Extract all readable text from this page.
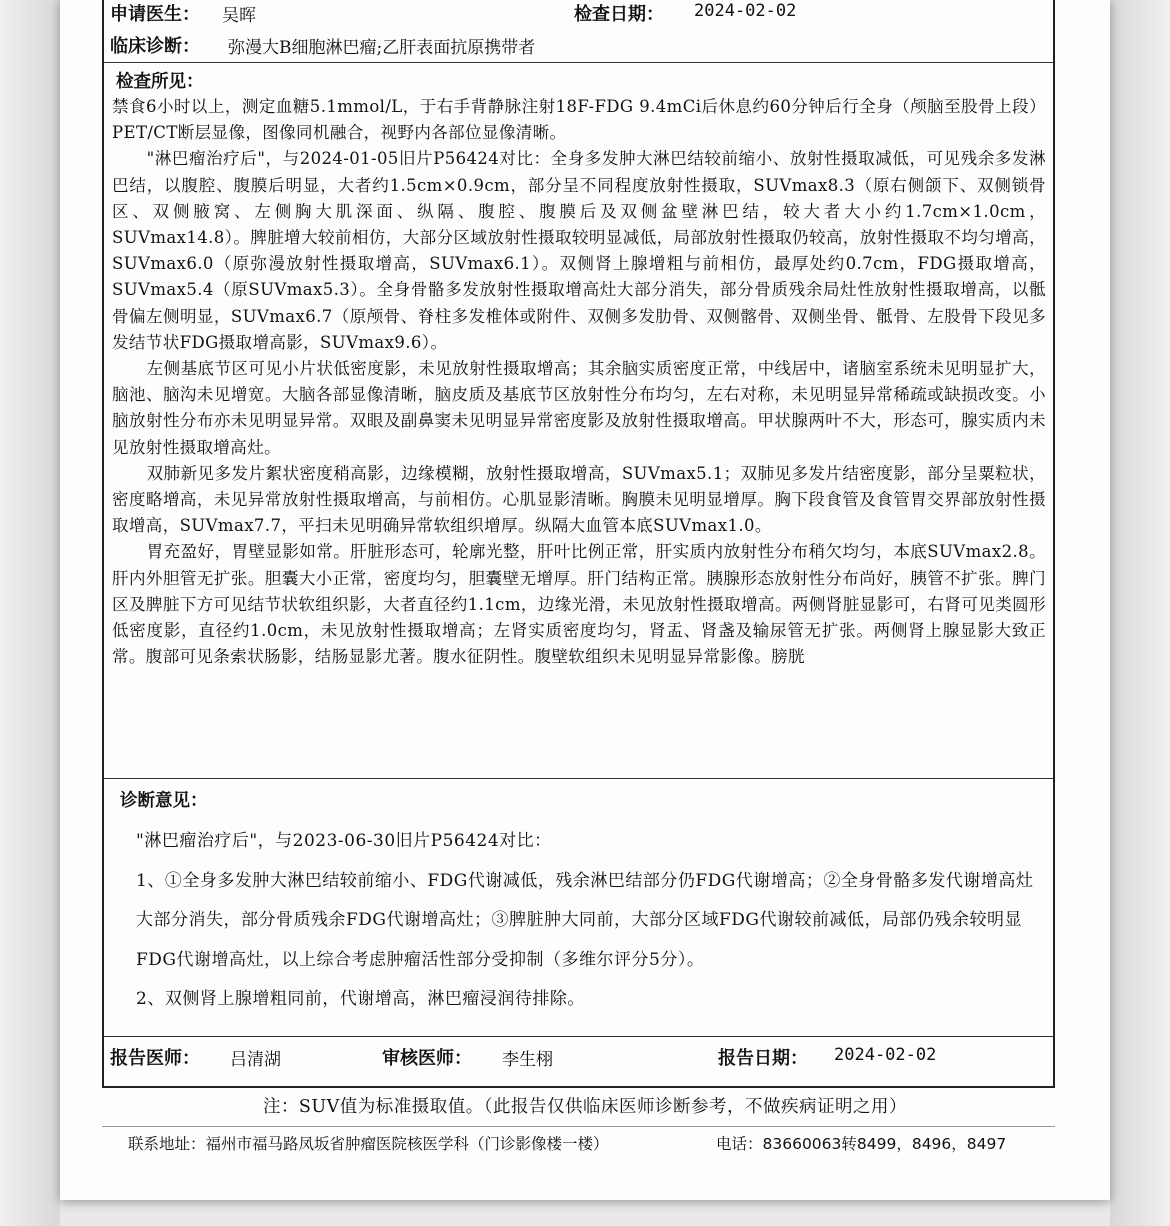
申请医生： 吴晖	检查日期： 2024-02-02
临床诊断： 弥漫大B细胞淋巴瘤;乙肝表面抗原携带者
检查所见：

禁食6小时以上，测定血糖5.1mmol/L，于右手背静脉注射18F-FDG 9.4mCi后休息约60分钟后行全身（颅脑至股骨上段）PET/CT断层显像，图像同机融合，视野内各部位显像清晰。

"淋巴瘤治疗后"，与2024-01-05旧片P56424对比：全身多发肿大淋巴结较前缩小、放射性摄取减低，可见残余多发淋巴结，以腹腔、腹膜后明显，大者约1.5cm×0.9cm，部分呈不同程度放射性摄取，SUVmax8.3（原右侧颌下、双侧锁骨区、双侧腋窝、左侧胸大肌深面、纵隔、腹腔、腹膜后及双侧盆壁淋巴结，较大者大小约1.7cm×1.0cm，SUVmax14.8）。脾脏增大较前相仿，大部分区域放射性摄取较明显减低，局部放射性摄取仍较高，放射性摄取不均匀增高，SUVmax6.0（原弥漫放射性摄取增高，SUVmax6.1）。双侧肾上腺增粗与前相仿，最厚处约0.7cm，FDG摄取增高，SUVmax5.4（原SUVmax5.3）。全身骨骼多发放射性摄取增高灶大部分消失，部分骨质残余局灶性放射性摄取增高，以骶骨偏左侧明显，SUVmax6.7（原颅骨、脊柱多发椎体或附件、双侧多发肋骨、双侧髂骨、双侧坐骨、骶骨、左股骨下段见多发结节状FDG摄取增高影，SUVmax9.6）。

左侧基底节区可见小片状低密度影，未见放射性摄取增高；其余脑实质密度正常，中线居中，诸脑室系统未见明显扩大，脑池、脑沟未见增宽。大脑各部显像清晰，脑皮质及基底节区放射性分布均匀，左右对称，未见明显异常稀疏或缺损改变。小脑放射性分布亦未见明显异常。双眼及副鼻窦未见明显异常密度影及放射性摄取增高。甲状腺两叶不大，形态可，腺实质内未见放射性摄取增高灶。

双肺新见多发片絮状密度稍高影，边缘模糊，放射性摄取增高，SUVmax5.1；双肺见多发片结密度影，部分呈粟粒状，密度略增高，未见异常放射性摄取增高，与前相仿。心肌显影清晰。胸膜未见明显增厚。胸下段食管及食管胃交界部放射性摄取增高，SUVmax7.7，平扫未见明确异常软组织增厚。纵隔大血管本底SUVmax1.0。

胃充盈好，胃壁显影如常。肝脏形态可，轮廓光整，肝叶比例正常，肝实质内放射性分布稍欠均匀，本底SUVmax2.8。肝内外胆管无扩张。胆囊大小正常，密度均匀，胆囊壁无增厚。肝门结构正常。胰腺形态放射性分布尚好，胰管不扩张。脾门区及脾脏下方可见结节状软组织影，大者直径约1.1cm，边缘光滑，未见放射性摄取增高。两侧肾脏显影可，右肾可见类圆形低密度影，直径约1.0cm，未见放射性摄取增高；左肾实质密度均匀，肾盂、肾盏及输尿管无扩张。两侧肾上腺显影大致正常。腹部可见条索状肠影，结肠显影尤著。腹水征阴性。腹壁软组织未见明显异常影像。膀胱

诊断意见：

"淋巴瘤治疗后"，与2023-06-30旧片P56424对比：

1、①全身多发肿大淋巴结较前缩小、FDG代谢减低，残余淋巴结部分仍FDG代谢增高；②全身骨骼多发代谢增高灶大部分消失，部分骨质残余FDG代谢增高灶；③脾脏肿大同前，大部分区域FDG代谢较前减低，局部仍残余较明显FDG代谢增高灶，以上综合考虑肿瘤活性部分受抑制（多维尔评分5分）。

2、双侧肾上腺增粗同前，代谢增高，淋巴瘤浸润待排除。

报告医师： 吕清湖	审核医师： 李生栩	报告日期： 2024-02-02
注：SUV值为标准摄取值。（此报告仅供临床医师诊断参考，不做疾病证明之用）
联系地址：福州市福马路凤坂省肿瘤医院核医学科（门诊影像楼一楼）	电话：83660063转8499，8496，8497
